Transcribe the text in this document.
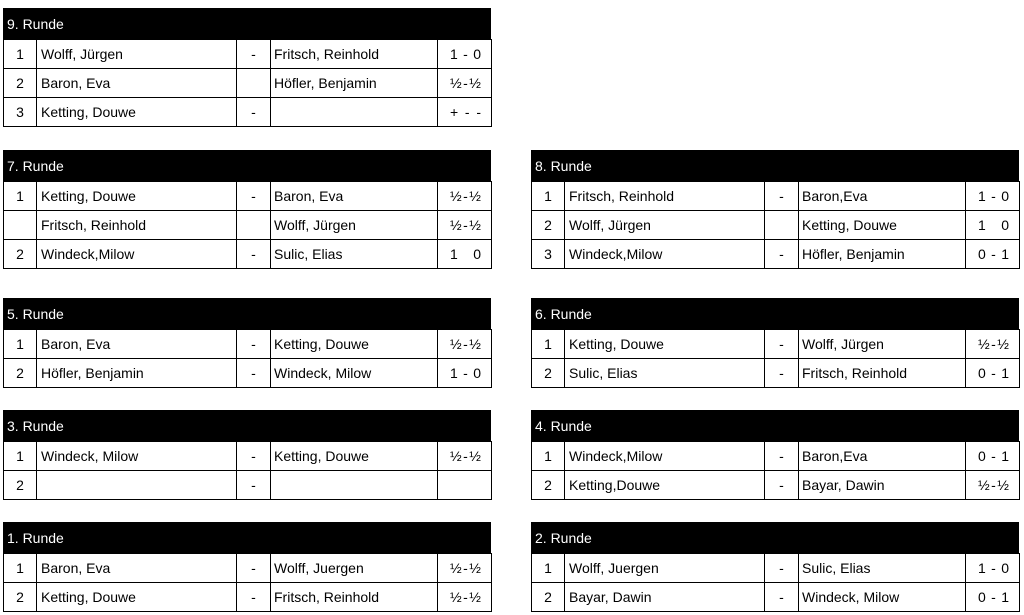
9. Runde
1	Wolff, Jürgen	-	Fritsch, Reinhold	1 - 0

2	Baron, Eva		Höfler, Benjamin	½ - ½

3	Ketting, Douwe	-		+ - -
7. Runde
1	Ketting, Douwe	-	Baron, Eva	½ - ½

	Fritsch, Reinhold		Wolff, Jürgen	½ - ½

2	Windeck,Milow	-	Sulic, Elias	1 0
8. Runde
1	Fritsch, Reinhold	-	Baron,Eva	1 - 0

2	Wolff, Jürgen		Ketting, Douwe	1 0

3	Windeck,Milow	-	Höfler, Benjamin	0 - 1
5. Runde
1	Baron, Eva	-	Ketting, Douwe	½ - ½

2	Höfler, Benjamin	-	Windeck, Milow	1 - 0
6. Runde
1	Ketting, Douwe	-	Wolff, Jürgen	½ - ½

2	Sulic, Elias	-	Fritsch, Reinhold	0 - 1
3. Runde
1	Windeck, Milow	-	Ketting, Douwe	½ - ½

2		-		
4. Runde
1	Windeck,Milow	-	Baron,Eva	0 - 1

2	Ketting,Douwe	-	Bayar, Dawin	½ - ½
1. Runde
1	Baron, Eva	-	Wolff, Juergen	½ - ½

2	Ketting, Douwe	-	Fritsch, Reinhold	½ - ½
2. Runde
1	Wolff, Juergen	-	Sulic, Elias	1 - 0

2	Bayar, Dawin	-	Windeck, Milow	0 - 1
